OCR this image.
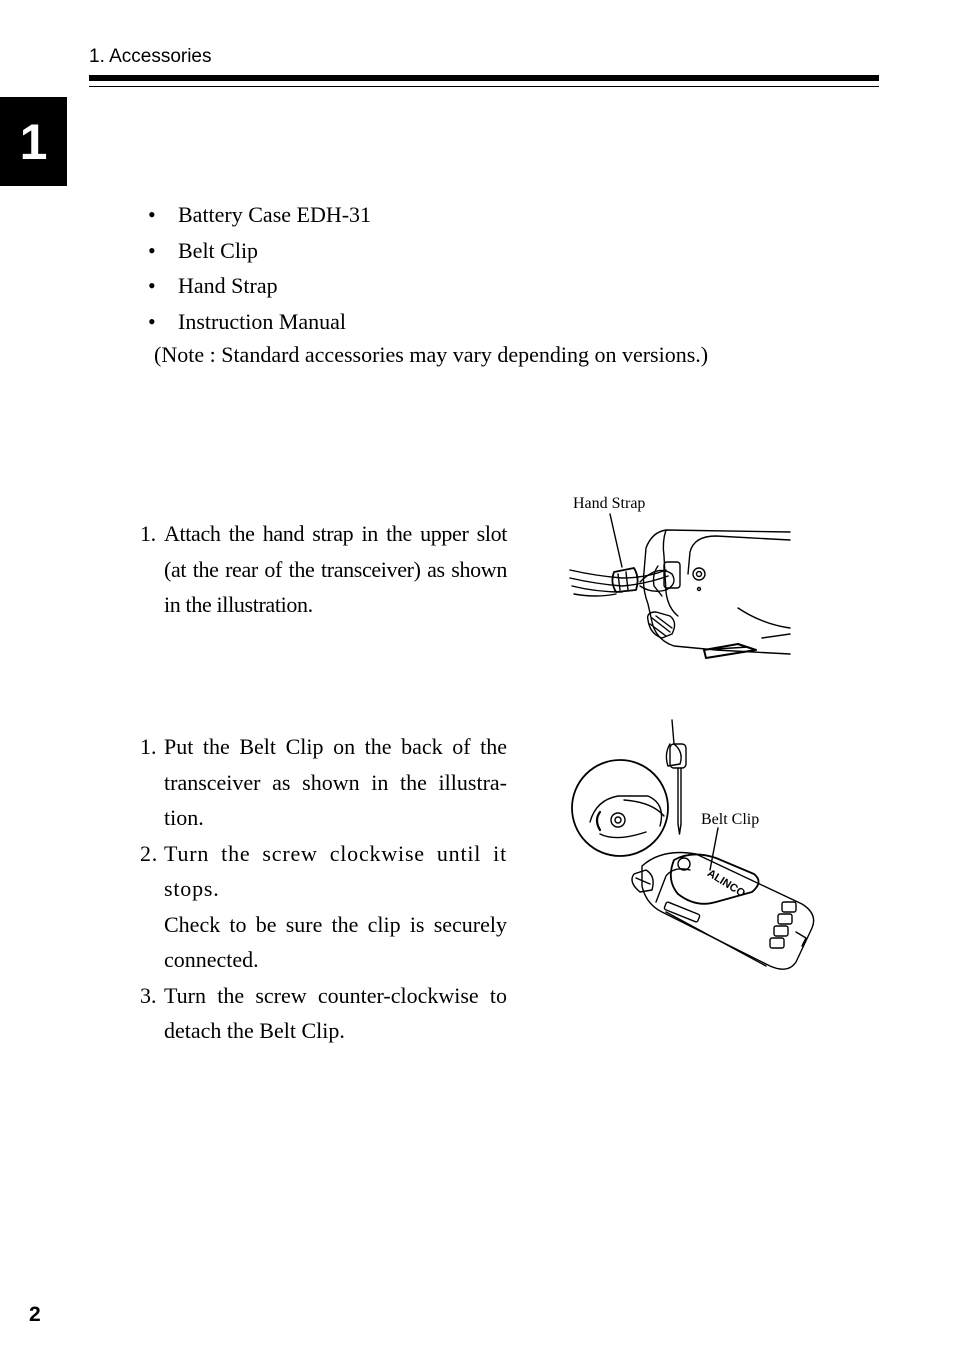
1. Accessories
1
• Battery Case EDH-31
• Belt Clip
• Hand Strap
• Instruction Manual
(Note : Standard accessories may vary depending on versions.)
1. Attach the hand strap in the upper slot (at the rear of the transceiver) as shown in the illustration.
Hand Strap
1. Put the Belt Clip on the back of the transceiver as shown in the illustra-tion.
2. Turn the screw clockwise until it stops.
Check to be sure the clip is securely connected.
3. Turn the screw counter-clockwise to detach the Belt Clip.
Belt Clip
ALINCO
2
